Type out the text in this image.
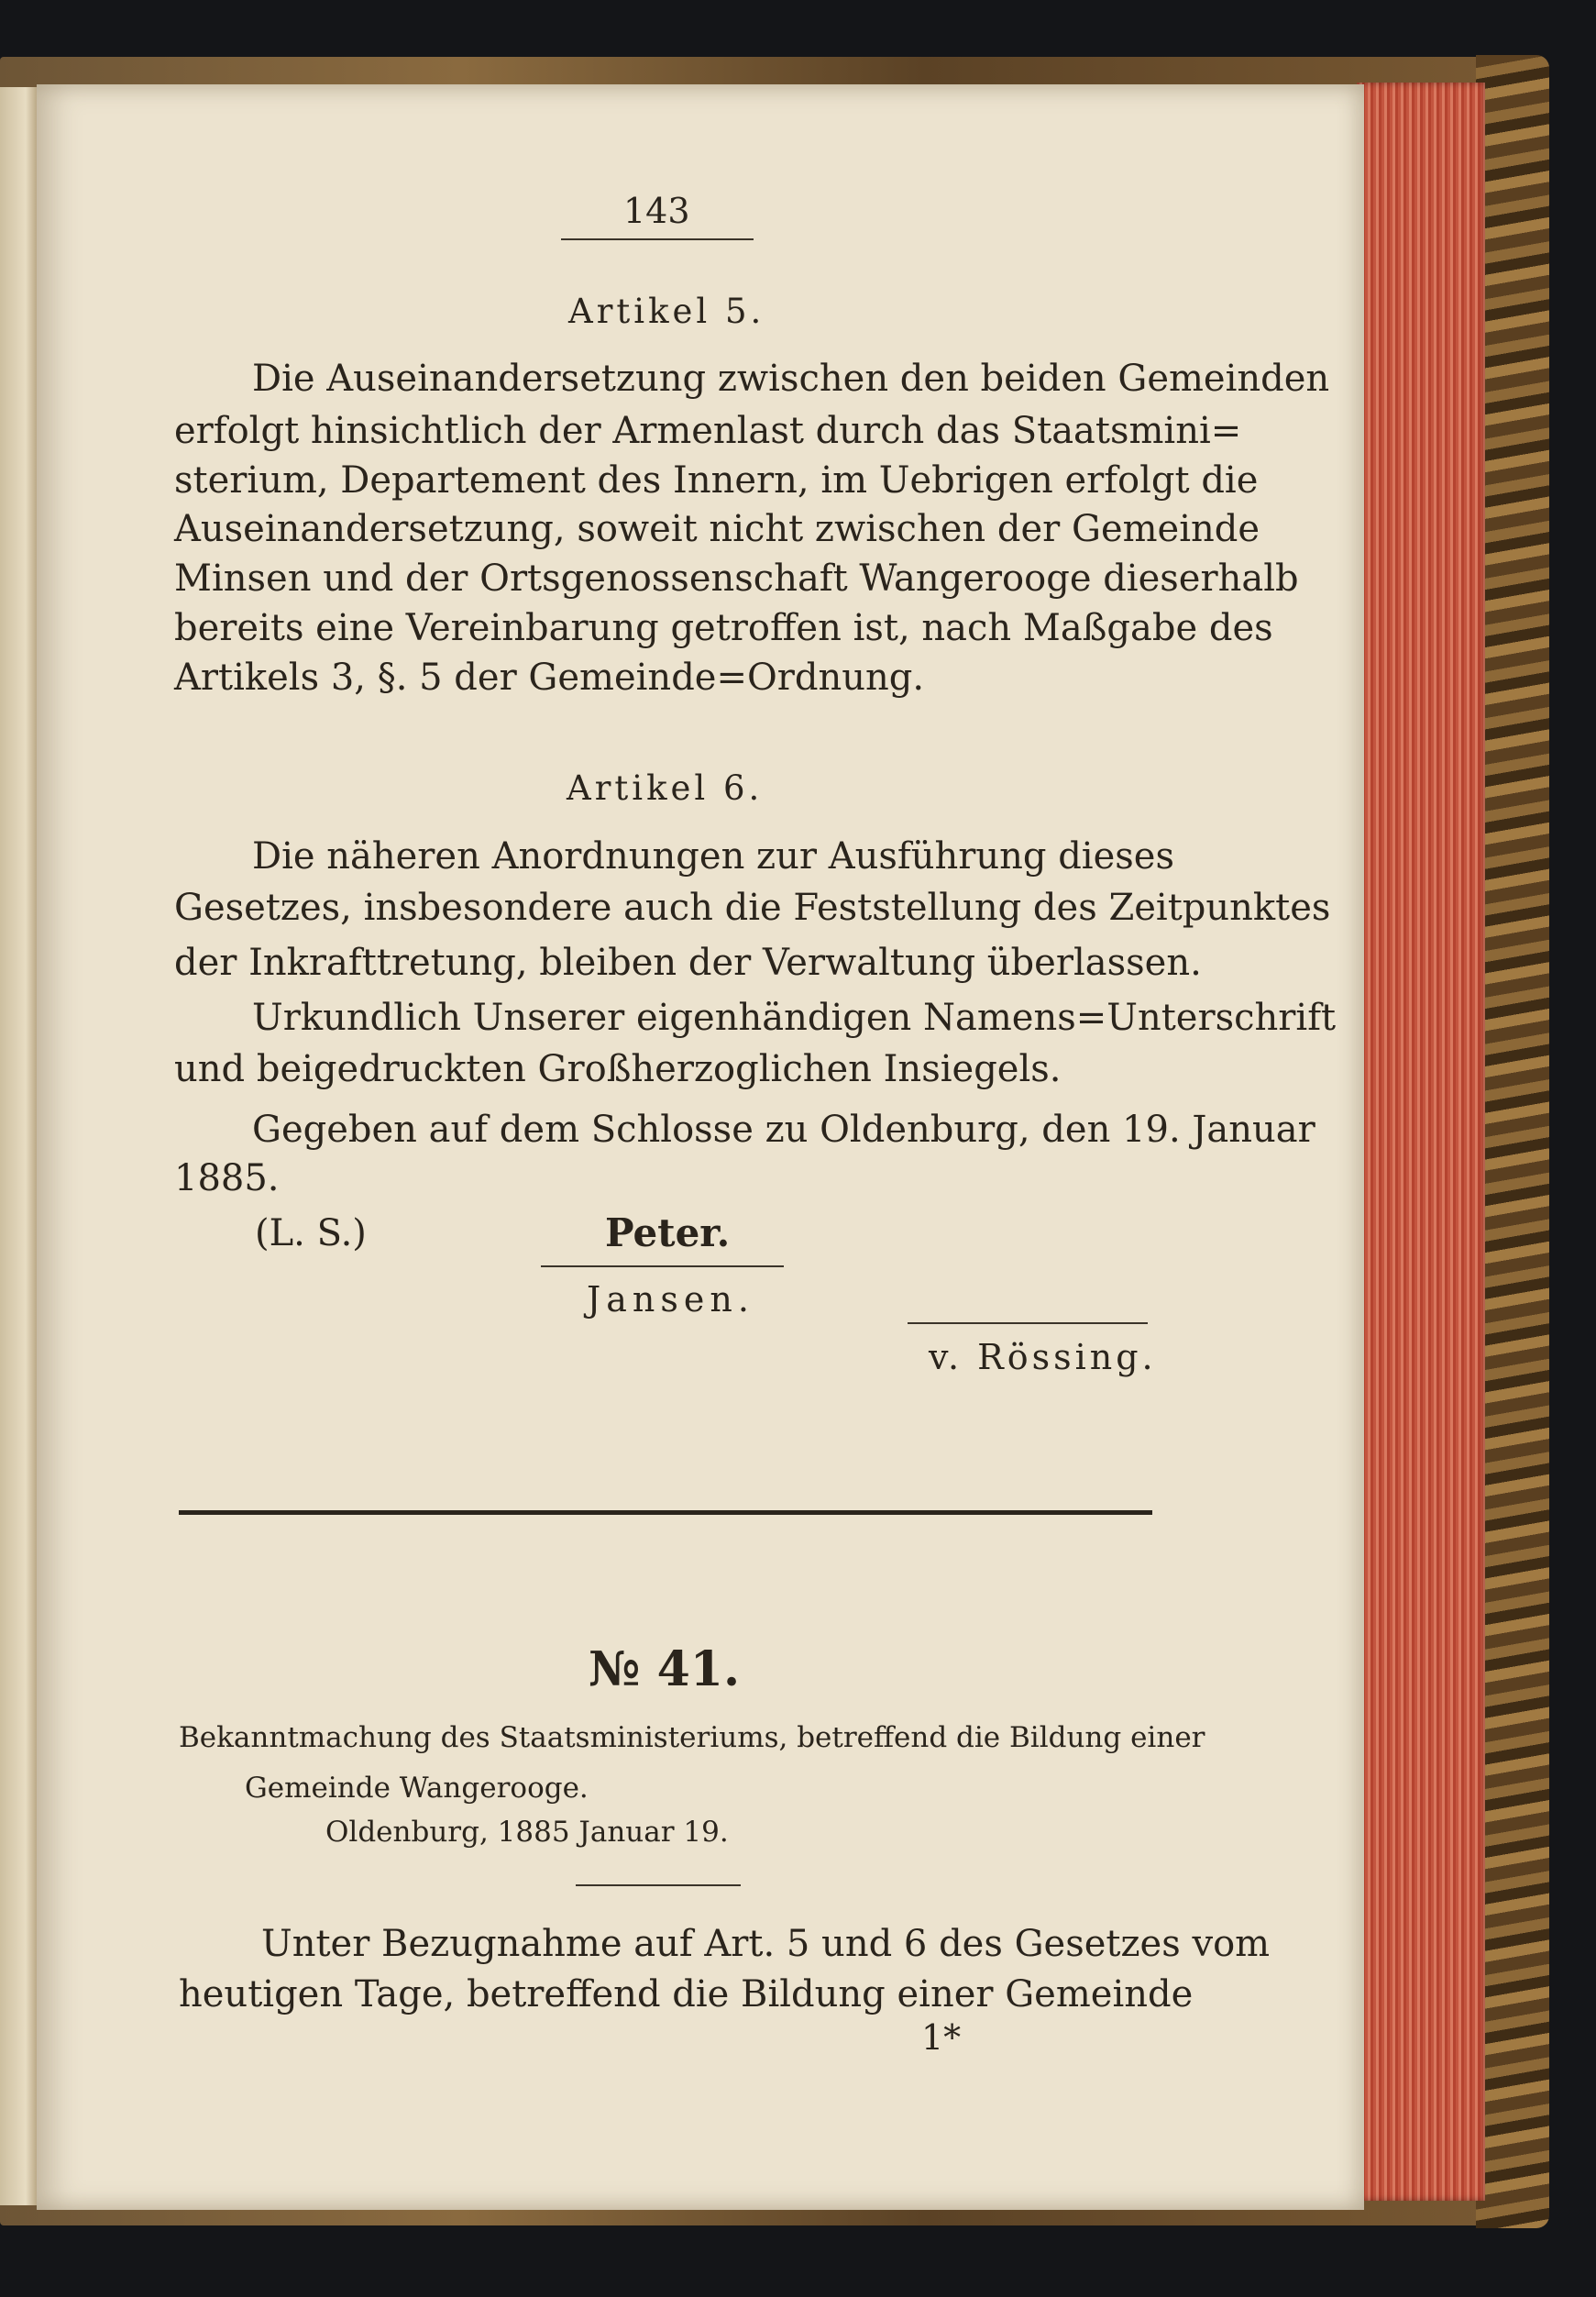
143
Artikel 5.
Die Auseinandersetzung zwischen den beiden Gemeinden
erfolgt hinsichtlich der Armenlast durch das Staatsmini=
sterium, Departement des Innern, im Uebrigen erfolgt die
Auseinandersetzung, soweit nicht zwischen der Gemeinde
Minsen und der Ortsgenossenschaft Wangerooge dieserhalb
bereits eine Vereinbarung getroffen ist, nach Maßgabe des
Artikels 3, §. 5 der Gemeinde=Ordnung.
Artikel 6.
Die näheren Anordnungen zur Ausführung dieses
Gesetzes, insbesondere auch die Feststellung des Zeitpunktes
der Inkrafttretung, bleiben der Verwaltung überlassen.
Urkundlich Unserer eigenhändigen Namens=Unterschrift
und beigedruckten Großherzoglichen Insiegels.
Gegeben auf dem Schlosse zu Oldenburg, den 19. Januar
1885.
(L. S.)	Peter.
Jansen.
v. Rössing.
№ 41.
Bekanntmachung des Staatsministeriums, betreffend die Bildung einer
Gemeinde Wangerooge.
Oldenburg, 1885 Januar 19.
Unter Bezugnahme auf Art. 5 und 6 des Gesetzes vom
heutigen Tage, betreffend die Bildung einer Gemeinde
1*
